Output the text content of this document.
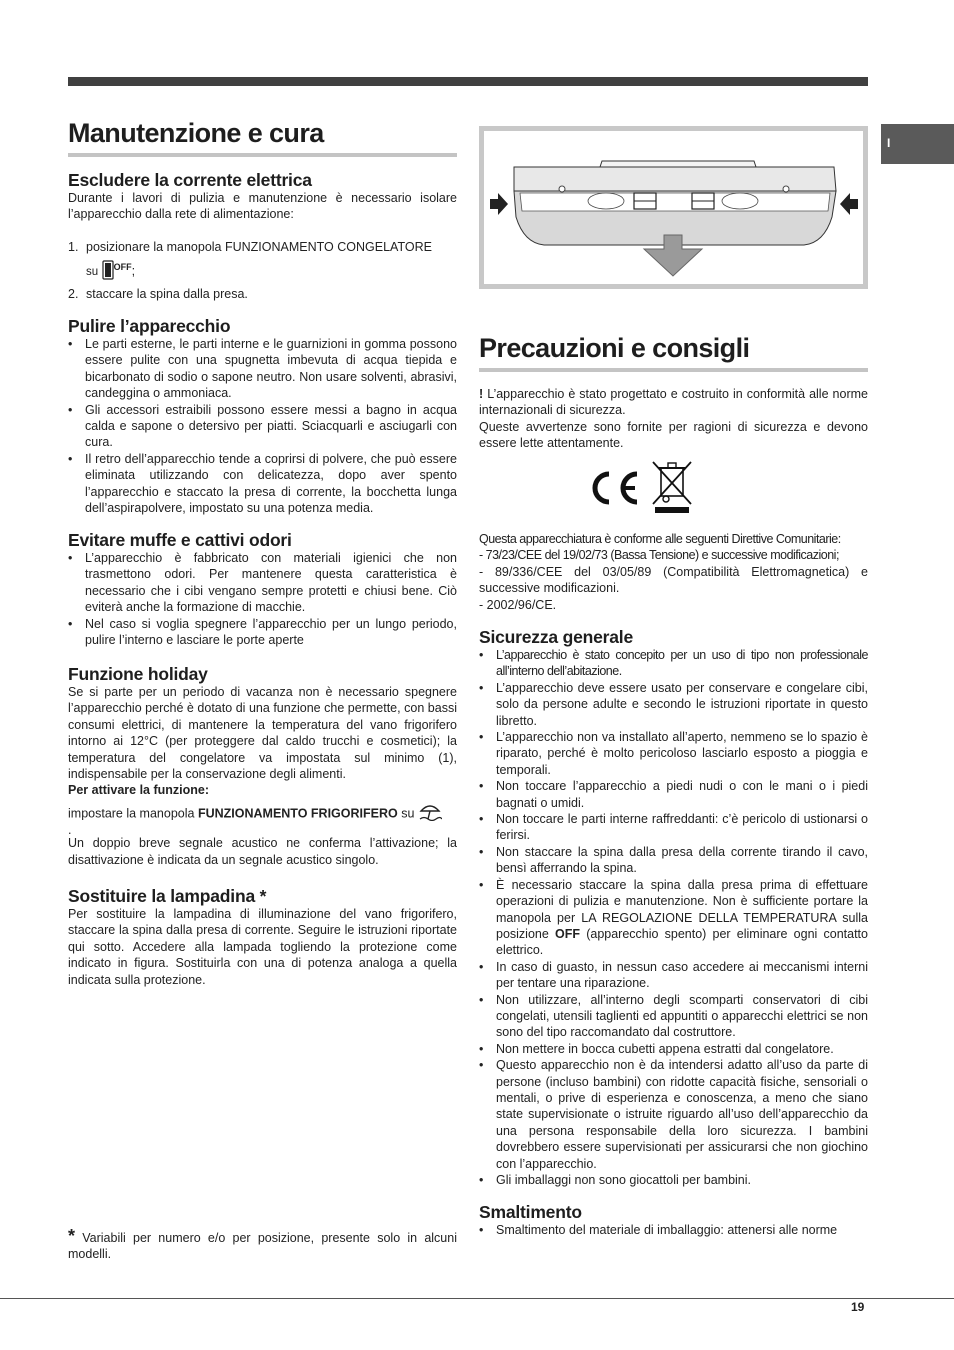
I
Manutenzione e cura
Escludere la corrente elettrica

Durante i lavori di pulizia e manutenzione è necessario isolare l’apparecchio dalla rete di alimentazione:

1. posizionare la manopola FUNZIONAMENTO CONGELATORE
su $^{OFF}$;
2. staccare la spina dalla presa.
Pulire l’apparecchio
• Le parti esterne, le parti interne e le guarnizioni in gomma possono essere pulite con una spugnetta imbevuta di acqua tiepida e bicarbonato di sodio o sapone neutro. Non usare solventi, abrasivi, candeggina o ammoniaca.
• Gli accessori estraibili possono essere messi a bagno in acqua calda e sapone o detersivo per piatti. Sciacquarli e asciugarli con cura.
• Il retro dell’apparecchio tende a coprirsi di polvere, che può essere eliminata utilizzando con delicatezza, dopo aver spento l’apparecchio e staccato la presa di corrente, la bocchetta lunga dell’aspirapolvere, impostato su una potenza media.
Evitare muffe e cattivi odori
• L’apparecchio è fabbricato con materiali igienici che non trasmettono odori. Per mantenere questa caratteristica è necessario che i cibi vengano sempre protetti e chiusi bene. Ciò eviterà anche la formazione di macchie.
• Nel caso si voglia spegnere l’apparecchio per un lungo periodo, pulire l’interno e lasciare le porte aperte
Funzione holiday

Se si parte per un periodo di vacanza non è necessario spegnere l’apparecchio perché è dotato di una funzione che permette, con bassi consumi elettrici, di mantenere la temperatura del vano frigorifero intorno ai 12°C (per proteggere dal caldo trucchi e cosmetici); la temperatura del congelatore va impostata sul minimo (1), indispensabile per la conservazione degli alimenti.

Per attivare la funzione:

impostare la manopola FUNZIONAMENTO FRIGORIFERO su

.

Un doppio breve segnale acustico ne conferma l’attivazione; la disattivazione è indicata da un segnale acustico singolo.

Sostituire la lampadina *

Per sostituire la lampadina di illuminazione del vano frigorifero, staccare la spina dalla presa di corrente. Seguire le istruzioni riportate qui sotto. Accedere alla lampada togliendo la protezione come indicato in figura. Sostituirla con una di potenza analoga a quella indicata sulla protezione.

* Variabili per numero e/o per posizione, presente solo in alcuni modelli.

Precauzioni e consigli

! L’apparecchio è stato progettato e costruito in conformità alle norme internazionali di sicurezza.

Queste avvertenze sono fornite per ragioni di sicurezza e devono essere lette attentamente.

Questa apparecchiatura è conforme alle seguenti Direttive Comunitarie:

- 73/23/CEE del 19/02/73 (Bassa Tensione) e successive modificazioni;

- 89/336/CEE del 03/05/89 (Compatibilità Elettromagnetica) e successive modificazioni.

- 2002/96/CE.

Sicurezza generale
• L’apparecchio è stato concepito per un uso di tipo non professionale all’interno dell’abitazione.
• L’apparecchio deve essere usato per conservare e congelare cibi, solo da persone adulte e secondo le istruzioni riportate in questo libretto.
• L’apparecchio non va installato all’aperto, nemmeno se lo spazio è riparato, perché è molto pericoloso lasciarlo esposto a pioggia e temporali.
• Non toccare l’apparecchio a piedi nudi o con le mani o i piedi bagnati o umidi.
• Non toccare le parti interne raffreddanti: c’è pericolo di ustionarsi o ferirsi.
• Non staccare la spina dalla presa della corrente tirando il cavo, bensì afferrando la spina.
• È necessario staccare la spina dalla presa prima di effettuare operazioni di pulizia e manutenzione. Non è sufficiente portare la manopola per LA REGOLAZIONE DELLA TEMPERATURA sulla posizione OFF (apparecchio spento) per eliminare ogni contatto elettrico.
• In caso di guasto, in nessun caso accedere ai meccanismi interni per tentare una riparazione.
• Non utilizzare, all’interno degli scomparti conservatori di cibi congelati, utensili taglienti ed appuntiti o apparecchi elettrici se non sono del tipo raccomandato dal costruttore.
• Non mettere in bocca cubetti appena estratti dal congelatore.
• Questo apparecchio non è da intendersi adatto all’uso da parte di persone (incluso bambini) con ridotte capacità fisiche, sensoriali o mentali, o prive di esperienza e conoscenza, a meno che siano state supervisionate o istruite riguardo all’uso dell’apparecchio da una persona responsabile della loro sicurezza. I bambini dovrebbero essere supervisionati per assicurarsi che non giochino con l’apparecchio.
• Gli imballaggi non sono giocattoli per bambini.
Smaltimento
• Smaltimento del materiale di imballaggio: attenersi alle norme
19
